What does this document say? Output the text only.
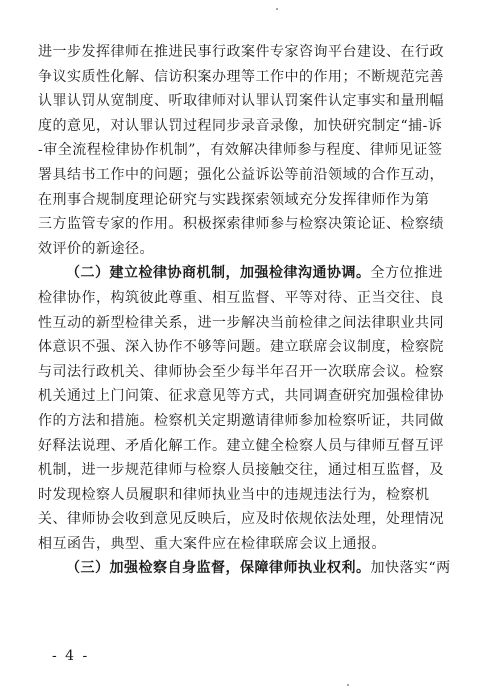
进一步发挥律师在推进民事行政案件专家咨询平台建设、在行政
争议实质性化解、信访积案办理等工作中的作用；不断规范完善
认罪认罚从宽制度、听取律师对认罪认罚案件认定事实和量刑幅
度的意见，对认罪认罚过程同步录音录像，加快研究制定“捕-诉
-审全流程检律协作机制”，有效解决律师参与程度、律师见证签
署具结书工作中的问题；强化公益诉讼等前沿领域的合作互动，
在刑事合规制度理论研究与实践探索领域充分发挥律师作为第
三方监管专家的作用。积极探索律师参与检察决策论证、检察绩
效评价的新途径。
（二）建立检律协商机制，加强检律沟通协调。全方位推进
检律协作，构筑彼此尊重、相互监督、平等对待、正当交往、良
性互动的新型检律关系，进一步解决当前检律之间法律职业共同
体意识不强、深入协作不够等问题。建立联席会议制度，检察院
与司法行政机关、律师协会至少每半年召开一次联席会议。检察
机关通过上门问策、征求意见等方式，共同调查研究加强检律协
作的方法和措施。检察机关定期邀请律师参加检察听证，共同做
好释法说理、矛盾化解工作。建立健全检察人员与律师互督互评
机制，进一步规范律师与检察人员接触交往，通过相互监督，及
时发现检察人员履职和律师执业当中的违规违法行为，检察机
关、律师协会收到意见反映后，应及时依规依法处理，处理情况
相互函告，典型、重大案件应在检律联席会议上通报。
（三）加强检察自身监督，保障律师执业权利。加快落实“两
- 4 -
